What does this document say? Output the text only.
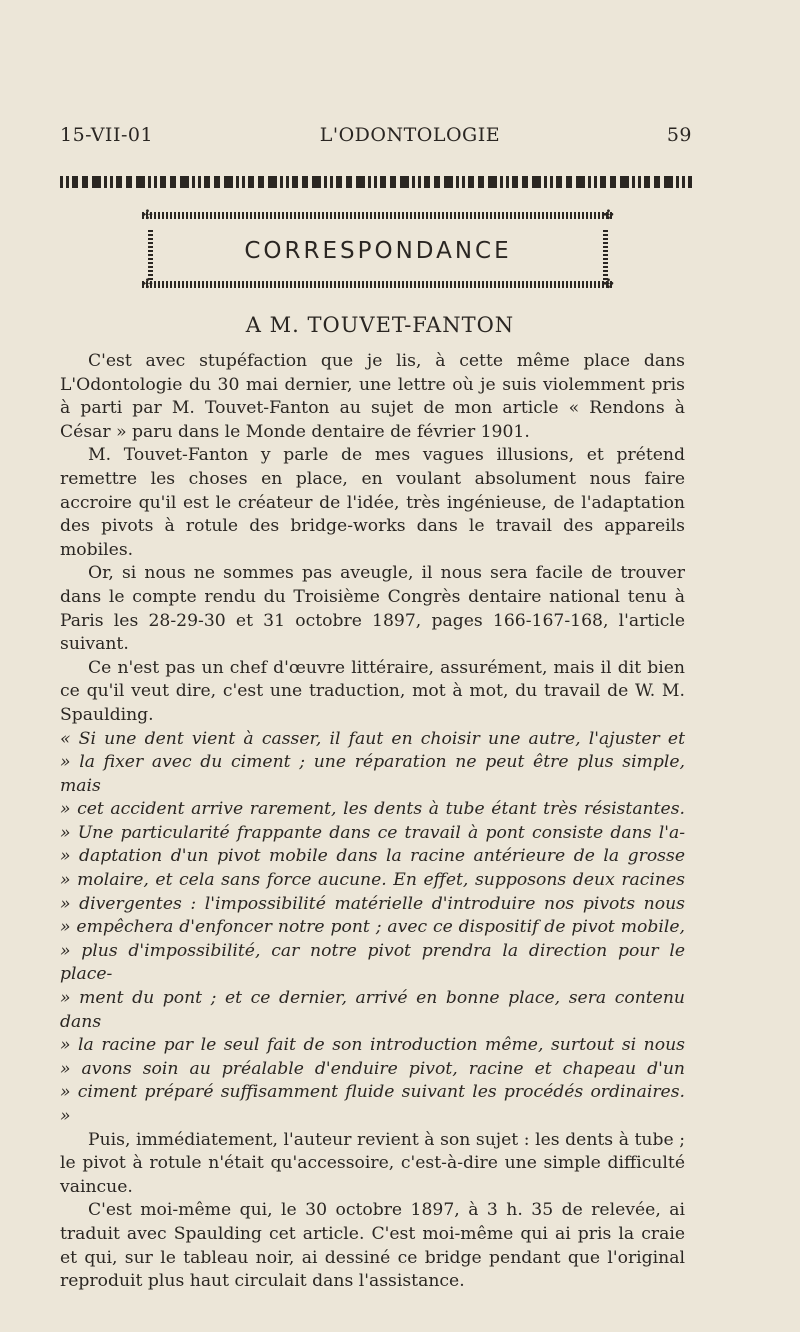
15-VII-01	L'ODONTOLOGIE	59
✣	✣
✣	✣
CORRESPONDANCE
A M. TOUVET-FANTON

C'est avec stupéfaction que je lis, à cette même place dans L'Odontologie du 30 mai dernier, une lettre où je suis violemment pris à parti par M. Touvet-Fanton au sujet de mon article « Rendons à César » paru dans le Monde dentaire de février 1901.

M. Touvet-Fanton y parle de mes vagues illusions, et prétend remettre les choses en place, en voulant absolument nous faire accroire qu'il est le créateur de l'idée, très ingénieuse, de l'adaptation des pivots à rotule des bridge-works dans le travail des appareils mobiles.

Or, si nous ne sommes pas aveugle, il nous sera facile de trouver dans le compte rendu du Troisième Congrès dentaire national tenu à Paris les 28-29-30 et 31 octobre 1897, pages 166-167-168, l'article suivant.

Ce n'est pas un chef d'œuvre littéraire, assurément, mais il dit bien ce qu'il veut dire, c'est une traduction, mot à mot, du travail de W. M. Spaulding.

« Si une dent vient à casser, il faut en choisir une autre, l'ajuster et
» la fixer avec du ciment ; une réparation ne peut être plus simple, mais
» cet accident arrive rarement, les dents à tube étant très résistantes.
» Une particularité frappante dans ce travail à pont consiste dans l'a-
» daptation d'un pivot mobile dans la racine antérieure de la grosse
» molaire, et cela sans force aucune. En effet, supposons deux racines
» divergentes : l'impossibilité matérielle d'introduire nos pivots nous
» empêchera d'enfoncer notre pont ; avec ce dispositif de pivot mobile,
» plus d'impossibilité, car notre pivot prendra la direction pour le place-
» ment du pont ; et ce dernier, arrivé en bonne place, sera contenu dans
» la racine par le seul fait de son introduction même, surtout si nous
» avons soin au préalable d'enduire pivot, racine et chapeau d'un
» ciment préparé suffisamment fluide suivant les procédés ordinaires. »

Puis, immédiatement, l'auteur revient à son sujet : les dents à tube ; le pivot à rotule n'était qu'accessoire, c'est-à-dire une simple difficulté vaincue.

C'est moi-même qui, le 30 octobre 1897, à 3 h. 35 de relevée, ai traduit avec Spaulding cet article. C'est moi-même qui ai pris la craie et qui, sur le tableau noir, ai dessiné ce bridge pendant que l'original reproduit plus haut circulait dans l'assistance.
